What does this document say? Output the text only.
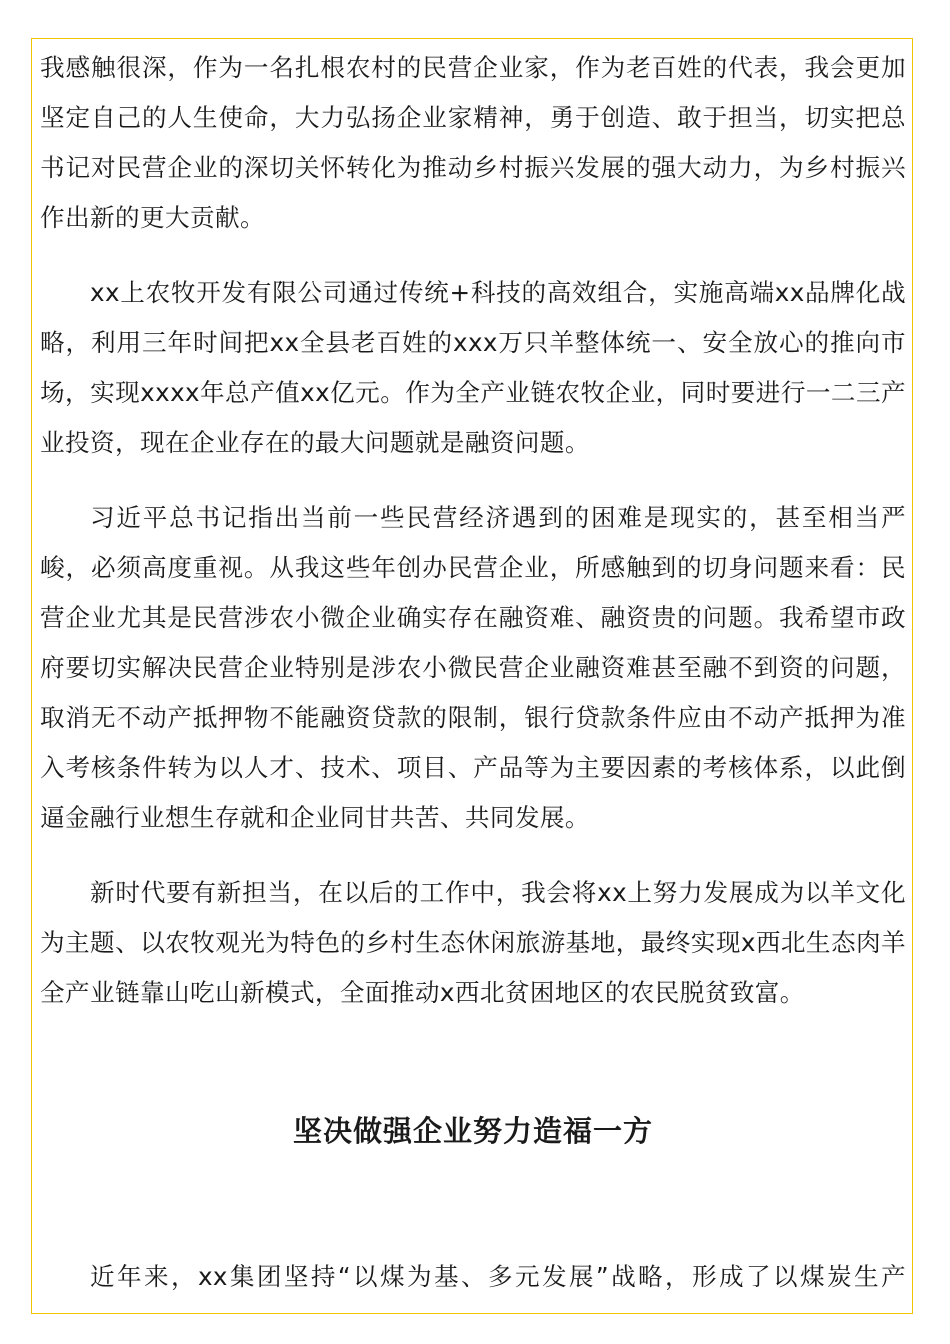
我感触很深，作为一名扎根农村的民营企业家，作为老百姓的代表，我会更加坚定自己的人生使命，大力弘扬企业家精神，勇于创造、敢于担当，切实把总书记对民营企业的深切关怀转化为推动乡村振兴发展的强大动力，为乡村振兴作出新的更大贡献。

xx上农牧开发有限公司通过传统+科技的高效组合，实施高端xx品牌化战略，利用三年时间把xx全县老百姓的xxx万只羊整体统一、安全放心的推向市场，实现xxxx年总产值xx亿元。作为全产业链农牧企业，同时要进行一二三产业投资，现在企业存在的最大问题就是融资问题。

习近平总书记指出当前一些民营经济遇到的困难是现实的，甚至相当严峻，必须高度重视。从我这些年创办民营企业，所感触到的切身问题来看：民营企业尤其是民营涉农小微企业确实存在融资难、融资贵的问题。我希望市政府要切实解决民营企业特别是涉农小微民营企业融资难甚至融不到资的问题，取消无不动产抵押物不能融资贷款的限制，银行贷款条件应由不动产抵押为准入考核条件转为以人才、技术、项目、产品等为主要因素的考核体系，以此倒逼金融行业想生存就和企业同甘共苦、共同发展。

新时代要有新担当，在以后的工作中，我会将xx上努力发展成为以羊文化为主题、以农牧观光为特色的乡村生态休闲旅游基地，最终实现x西北生态肉羊全产业链靠山吃山新模式，全面推动x西北贫困地区的农民脱贫致富。

坚决做强企业努力造福一方

近年来，xx集团坚持“以煤为基、多元发展”战略，形成了以煤炭生产
